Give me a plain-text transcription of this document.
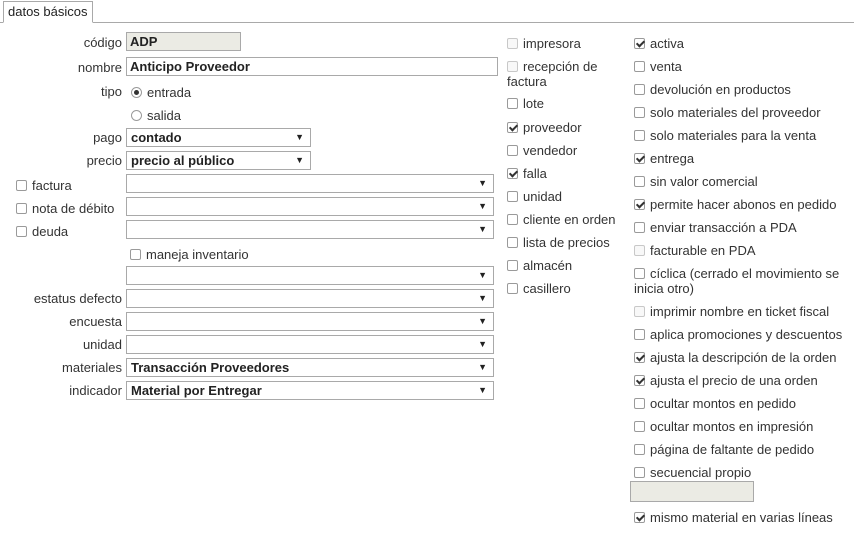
datos básicos
código ADP
nombre Anticipo Proveedor
tipo	entrada
salida
pago contado	▼
precio precio al público	▼
factura	▼
nota de débito	▼
deuda	▼
maneja inventario
▼
estatus defecto	▼
encuesta	▼
unidad	▼
materiales Transacción Proveedores	▼
indicador Material por Entregar	▼
impresora
recepción de factura
lote
proveedor
vendedor
falla
unidad
cliente en orden
lista de precios
almacén
casillero
activa
venta
devolución en productos
solo materiales del proveedor
solo materiales para la venta
entrega
sin valor comercial
permite hacer abonos en pedido
enviar transacción a PDA
facturable en PDA
cíclica (cerrado el movimiento se inicia otro)
imprimir nombre en ticket fiscal
aplica promociones y descuentos
ajusta la descripción de la orden
ajusta el precio de una orden
ocultar montos en pedido
ocultar montos en impresión
página de faltante de pedido
secuencial propio
mismo material en varias líneas
